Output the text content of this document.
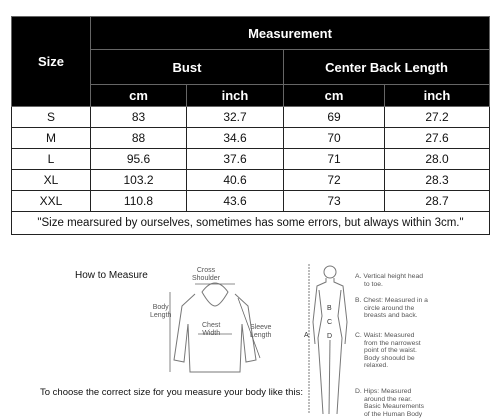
Size	Measurement			
	Bust		Center Back Length	
	cm	inch	cm	inch
S	83	32.7	69	27.2
M	88	34.6	70	27.6
L	95.6	37.6	71	28.0
XL	103.2	40.6	72	28.3
XXL	110.8	43.6	73	28.7
"Size mearsured by ourselves, sometimes has some errors, but always within 3cm."				
How to Measure	Cross
Shoulder
Body
Length
Chest
Width
Sleeve
Length	A
B
C
D
A. Vertical height head
to toe.
B. Chest: Measured in a
circle around the
breasts and back.
C. Waist: Measured
from the narrowest
point of the waist.
Body shoould be
relaxed.
D. Hips: Measured
around the rear.
Basic Meaurements
of the Human Body
To choose the correct size for you measure your body like this:
